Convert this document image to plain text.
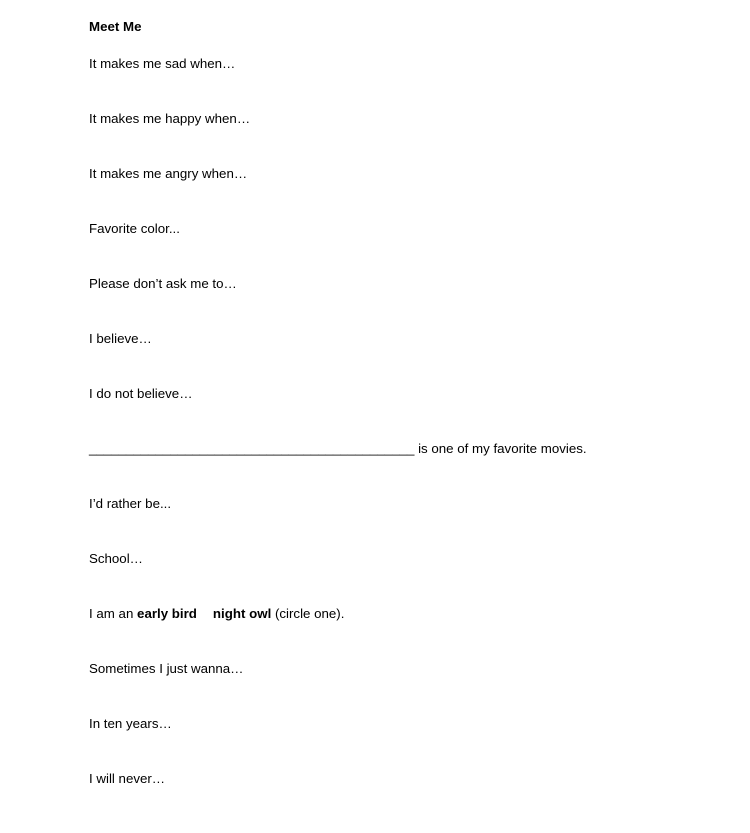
Meet Me

It makes me sad when…

It makes me happy when…

It makes me angry when…

Favorite color...

Please don’t ask me to…

I believe…

I do not believe…

____________________________________________ is one of my favorite movies.

I’d rather be...

School…

I am an early bird night owl (circle one).

Sometimes I just wanna…

In ten years…

I will never…
